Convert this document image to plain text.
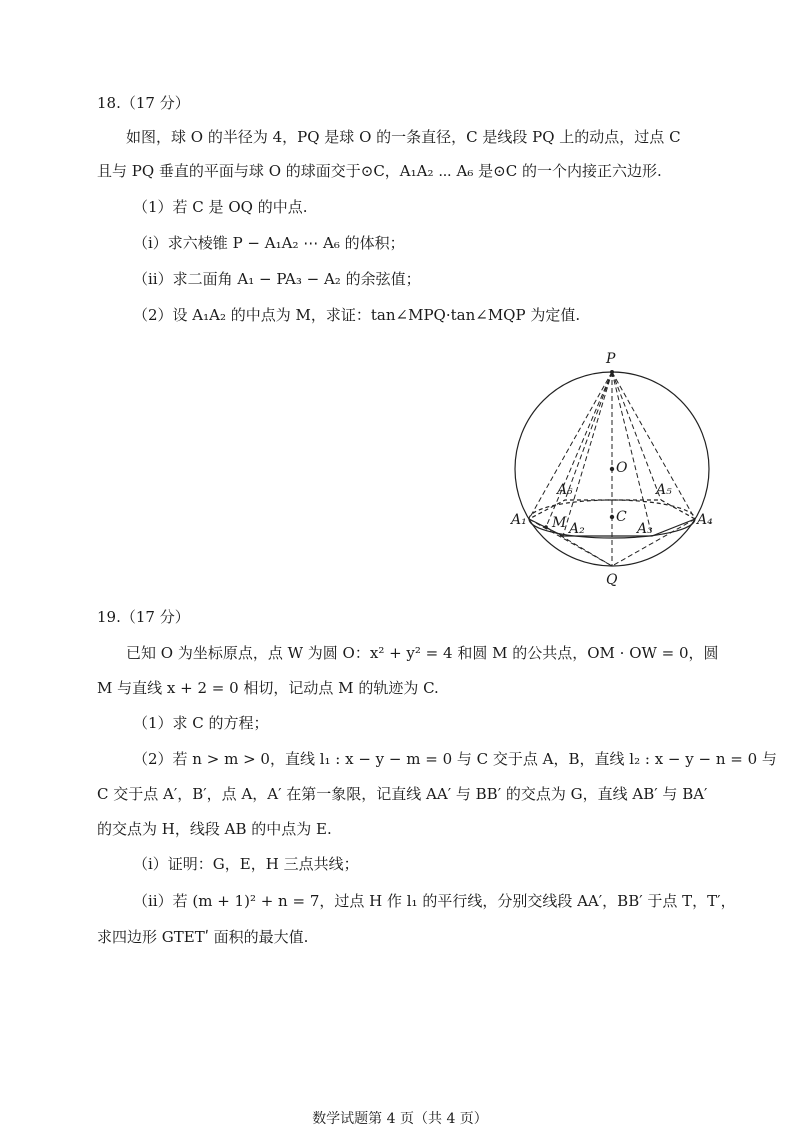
18.（17 分）
如图，球 O 的半径为 4，PQ 是球 O 的一条直径，C 是线段 PQ 上的动点，过点 C
且与 PQ 垂直的平面与球 O 的球面交于⊙C，A₁A₂ ⋯ A₆ 是⊙C 的一个内接正六边形.
（1）若 C 是 OQ 的中点.
（ⅰ）求六棱锥 P − A₁A₂ ⋯ A₆ 的体积；
（ⅱ）求二面角 A₁ − PA₃ − A₂ 的余弦值；
（2）设 A₁A₂ 的中点为 M，求证：tan∠MPQ·tan∠MQP 为定值.
P
O
C
Q
M
A₁
A₂	A₃
A₄
A₅
A₆
19.（17 分）
已知 O 为坐标原点，点 W 为圆 O：x² + y² = 4 和圆 M 的公共点，OM · OW = 0，圆
M 与直线 x + 2 = 0 相切，记动点 M 的轨迹为 C.
（1）求 C 的方程；
（2）若 n > m > 0，直线 l₁ : x − y − m = 0 与 C 交于点 A，B，直线 l₂ : x − y − n = 0 与
C 交于点 A′，B′，点 A，A′ 在第一象限，记直线 AA′ 与 BB′ 的交点为 G，直线 AB′ 与 BA′
的交点为 H，线段 AB 的中点为 E.
（ⅰ）证明：G，E，H 三点共线；
（ⅱ）若 (m + 1)² + n = 7，过点 H 作 l₁ 的平行线，分别交线段 AA′，BB′ 于点 T，T′，
求四边形 GTETʹ 面积的最大值.
数学试题第 4 页（共 4 页）
